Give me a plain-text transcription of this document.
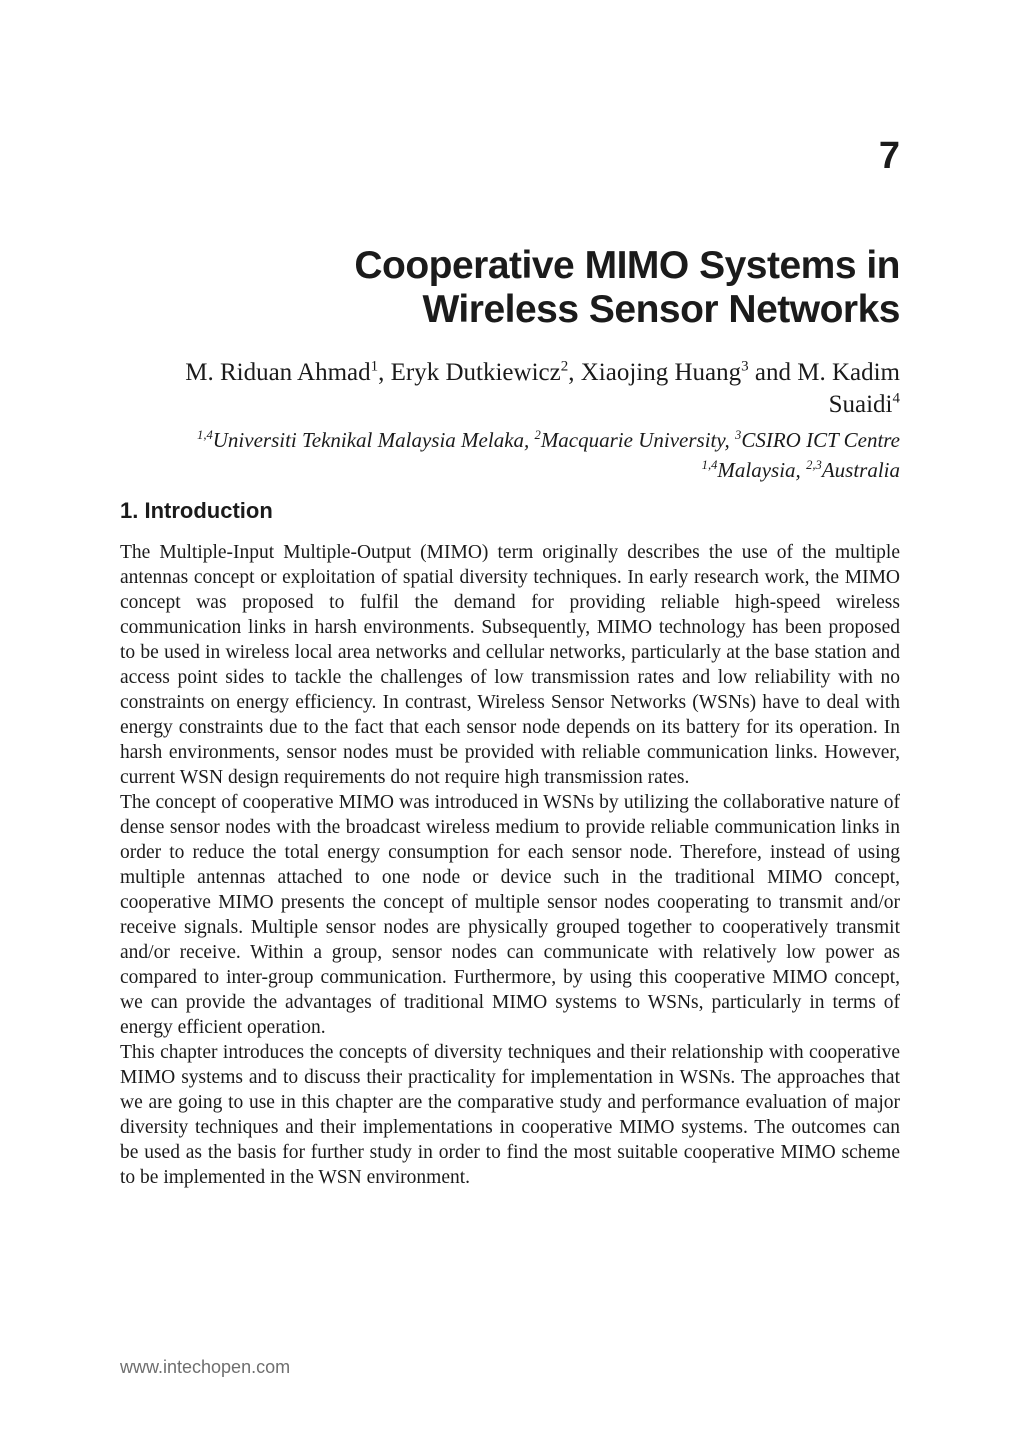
7
Cooperative MIMO Systems in
Wireless Sensor Networks
M. Riduan Ahmad$^1$, Eryk Dutkiewicz$^2$, Xiaojing Huang$^3$ and M. Kadim Suaidi$^4$
$^{1,4}$Universiti Teknikal Malaysia Melaka, $^2$Macquarie University, $^3$CSIRO ICT Centre
$^{1,4}$Malaysia, $^{2,3}$Australia
1. Introduction

The Multiple-Input Multiple-Output (MIMO) term originally describes the use of the multiple antennas concept or exploitation of spatial diversity techniques. In early research work, the MIMO concept was proposed to fulfil the demand for providing reliable high-speed wireless communication links in harsh environments. Subsequently, MIMO technology has been proposed to be used in wireless local area networks and cellular networks, particularly at the base station and access point sides to tackle the challenges of low transmission rates and low reliability with no constraints on energy efficiency. In contrast, Wireless Sensor Networks (WSNs) have to deal with energy constraints due to the fact that each sensor node depends on its battery for its operation. In harsh environments, sensor nodes must be provided with reliable communication links. However, current WSN design requirements do not require high transmission rates.

The concept of cooperative MIMO was introduced in WSNs by utilizing the collaborative nature of dense sensor nodes with the broadcast wireless medium to provide reliable communication links in order to reduce the total energy consumption for each sensor node. Therefore, instead of using multiple antennas attached to one node or device such in the traditional MIMO concept, cooperative MIMO presents the concept of multiple sensor nodes cooperating to transmit and/or receive signals. Multiple sensor nodes are physically grouped together to cooperatively transmit and/or receive. Within a group, sensor nodes can communicate with relatively low power as compared to inter-group communication. Furthermore, by using this cooperative MIMO concept, we can provide the advantages of traditional MIMO systems to WSNs, particularly in terms of energy efficient operation.

This chapter introduces the concepts of diversity techniques and their relationship with cooperative MIMO systems and to discuss their practicality for implementation in WSNs. The approaches that we are going to use in this chapter are the comparative study and performance evaluation of major diversity techniques and their implementations in cooperative MIMO systems. The outcomes can be used as the basis for further study in order to find the most suitable cooperative MIMO scheme to be implemented in the WSN environment.

www.intechopen.com
